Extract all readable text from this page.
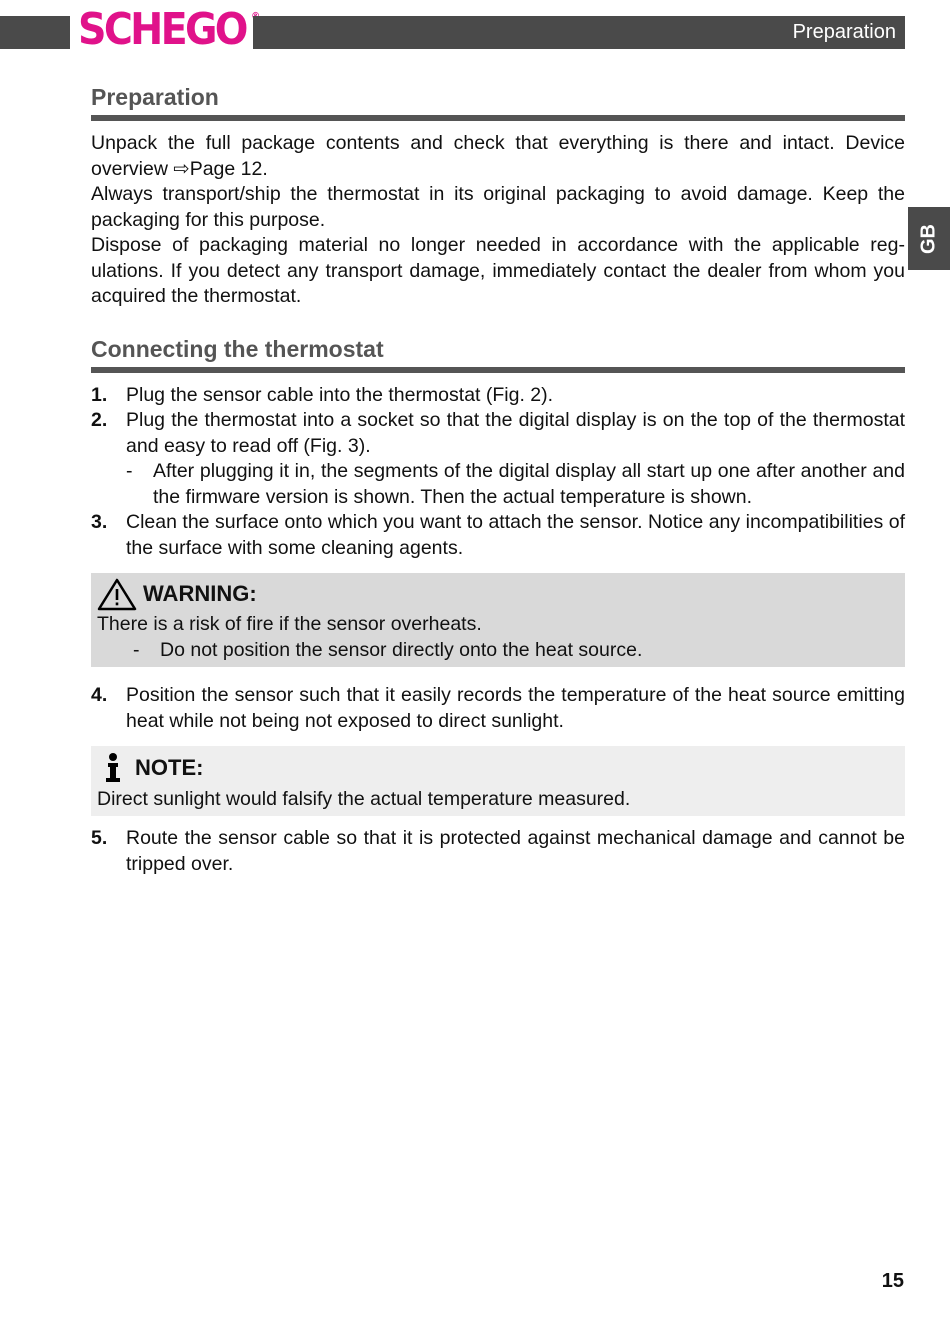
SCHEGO	Preparation
GB
Preparation

Unpack the full package contents and check that everything is there and intact. Device overview ⇨Page 12.

Always transport/ship the thermostat in its original packaging to avoid damage. Keep the packaging for this purpose.

Dispose of packaging material no longer needed in accordance with the applicable regulations. If you detect any transport damage, immediately contact the dealer from whom you acquired the thermostat.

Connecting the thermostat
1. Plug the sensor cable into the thermostat (Fig. 2).
2. Plug the thermostat into a socket so that the digital display is on the top of the thermostat and easy to read off (Fig. 3).
- After plugging it in, the segments of the digital display all start up one after another and the firmware version is shown. Then the actual temperature is shown.
3. Clean the surface onto which you want to attach the sensor. Notice any incompatibilities of the surface with some cleaning agents.
WARNING:
There is a risk of fire if the sensor overheats.
- Do not position the sensor directly onto the heat source.
4. Position the sensor such that it easily records the temperature of the heat source emitting heat while not being not exposed to direct sunlight.
NOTE:
Direct sunlight would falsify the actual temperature measured.
5. Route the sensor cable so that it is protected against mechanical damage and cannot be tripped over.
15
